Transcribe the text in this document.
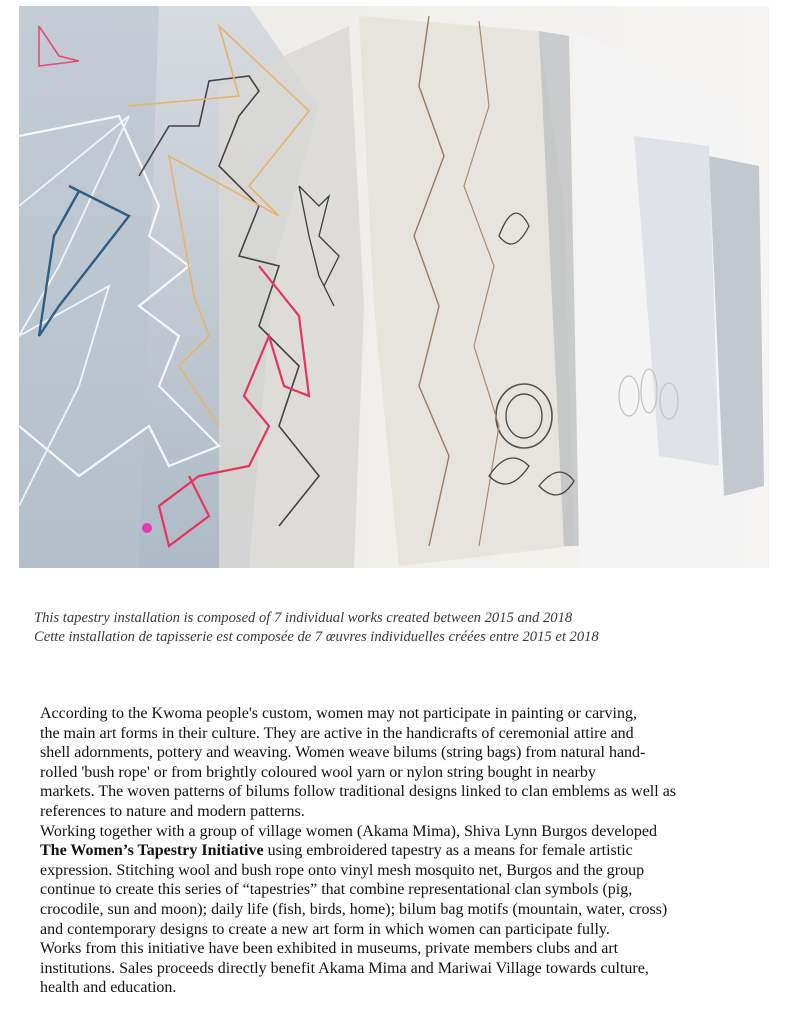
This tapestry installation is composed of 7 individual works created between 2015 and 2018
Cette installation de tapisserie est composée de 7 œuvres individuelles créées entre 2015 et 2018
According to the Kwoma people's custom, women may not participate in painting or carving,
the main art forms in their culture. They are active in the handicrafts of ceremonial attire and
shell adornments, pottery and weaving. Women weave bilums (string bags) from natural hand-
rolled 'bush rope' or from brightly coloured wool yarn or nylon string bought in nearby
markets. The woven patterns of bilums follow traditional designs linked to clan emblems as well as
references to nature and modern patterns.
Working together with a group of village women (Akama Mima), Shiva Lynn Burgos developed
The Women’s Tapestry Initiative using embroidered tapestry as a means for female artistic
expression. Stitching wool and bush rope onto vinyl mesh mosquito net, Burgos and the group
continue to create this series of “tapestries” that combine representational clan symbols (pig,
crocodile, sun and moon); daily life (fish, birds, home); bilum bag motifs (mountain, water, cross)
and contemporary designs to create a new art form in which women can participate fully.
Works from this initiative have been exhibited in museums, private members clubs and art
institutions. Sales proceeds directly benefit Akama Mima and Mariwai Village towards culture,
health and education.
